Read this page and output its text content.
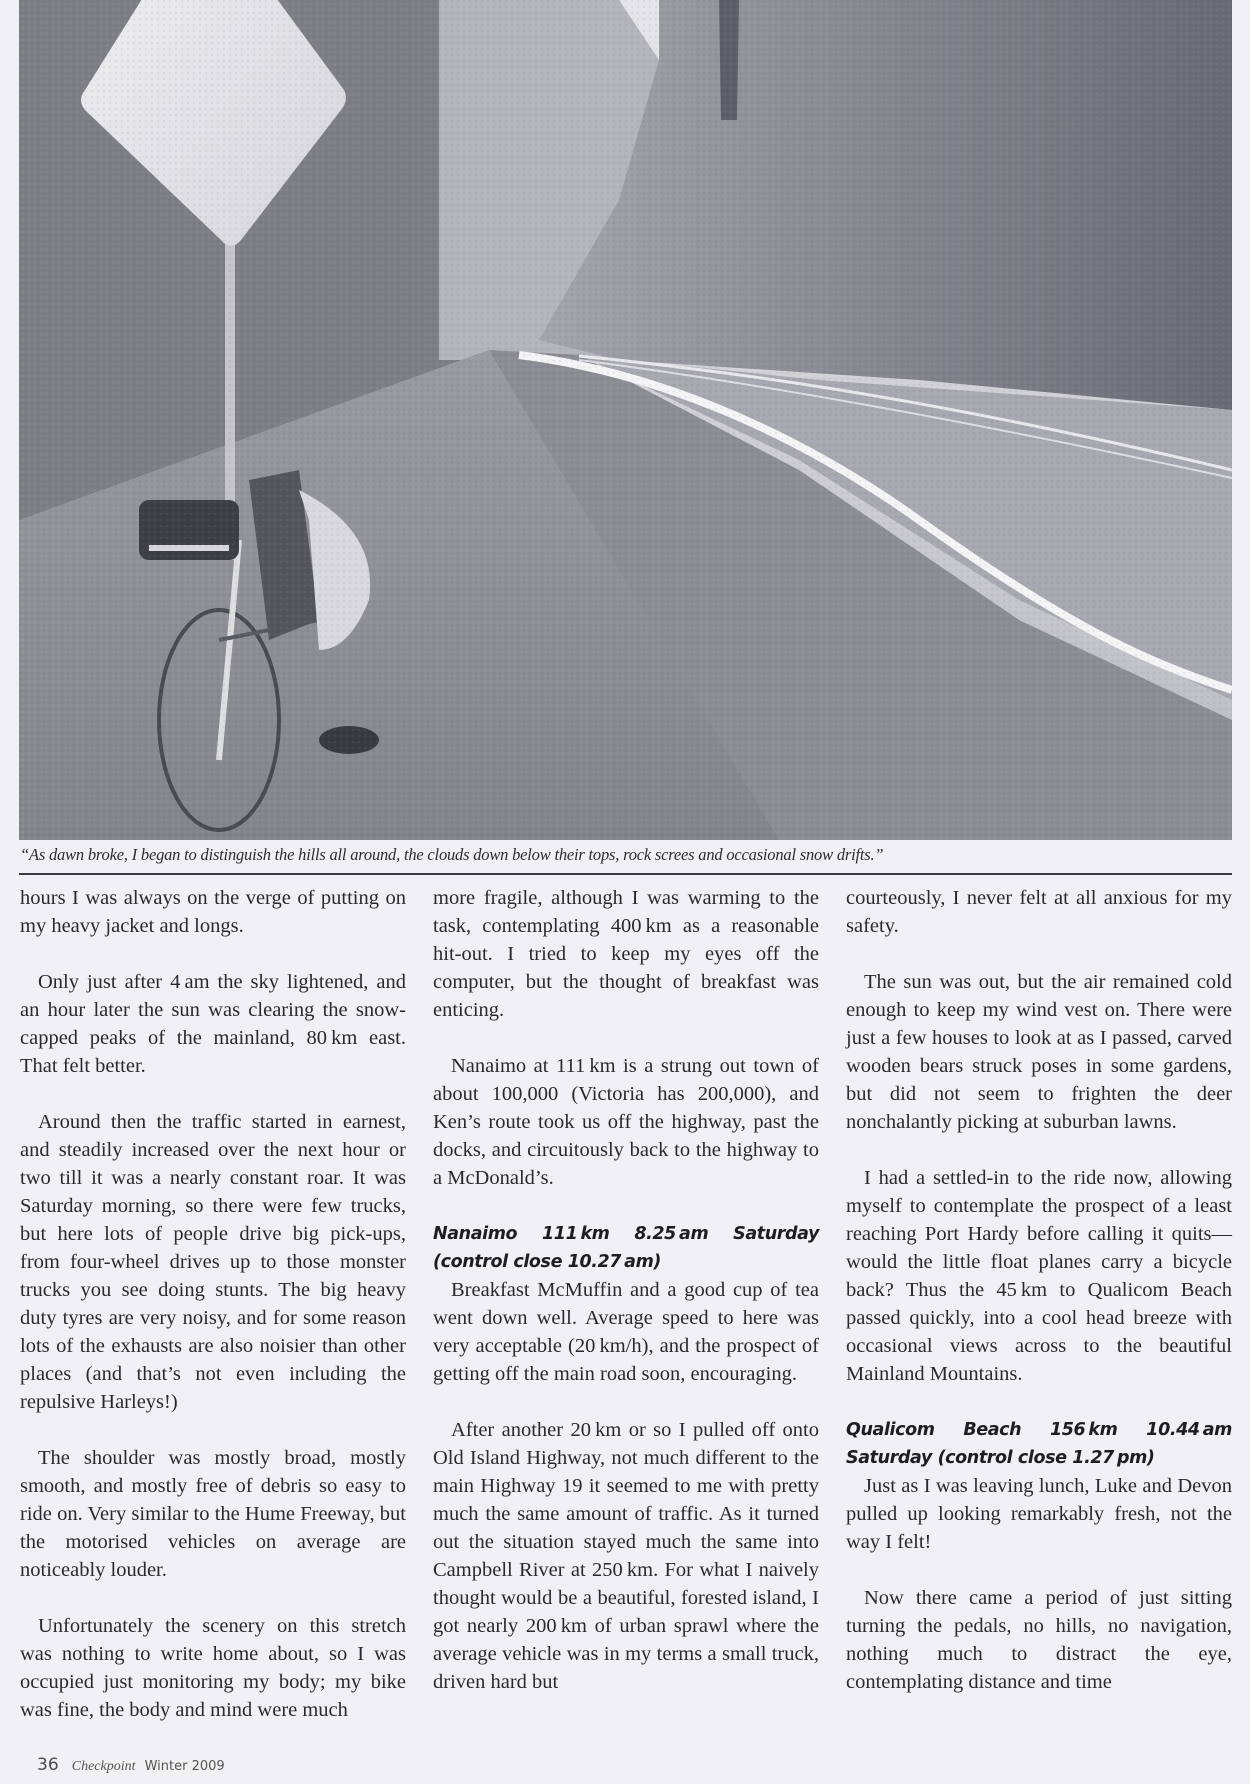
“As dawn broke, I began to distinguish the hills all around, the clouds down below their tops, rock screes and occasional snow drifts.”

hours I was always on the verge of putting on my heavy jacket and longs.

Only just after 4 am the sky lightened, and an hour later the sun was clearing the snow-capped peaks of the mainland, 80 km east. That felt better.

Around then the traffic started in earnest, and steadily increased over the next hour or two till it was a nearly constant roar. It was Saturday morning, so there were few trucks, but here lots of people drive big pick-ups, from four-wheel drives up to those monster trucks you see doing stunts. The big heavy duty tyres are very noisy, and for some reason lots of the exhausts are also noisier than other places (and that’s not even including the repulsive Harleys!)

The shoulder was mostly broad, mostly smooth, and mostly free of debris so easy to ride on. Very similar to the Hume Freeway, but the motorised vehicles on average are noticeably louder.

Unfortunately the scenery on this stretch was nothing to write home about, so I was occupied just monitoring my body; my bike was fine, the body and mind were much

more fragile, although I was warming to the task, contemplating 400 km as a reasonable hit-out. I tried to keep my eyes off the computer, but the thought of breakfast was enticing.

Nanaimo at 111 km is a strung out town of about 100,000 (Victoria has 200,000), and Ken’s route took us off the highway, past the docks, and circuitously back to the highway to a McDonald’s.

Nanaimo 111 km 8.25 am Saturday (control close 10.27 am)

Breakfast McMuffin and a good cup of tea went down well. Average speed to here was very acceptable (20 km/h), and the prospect of getting off the main road soon, encouraging.

After another 20 km or so I pulled off onto Old Island Highway, not much different to the main Highway 19 it seemed to me with pretty much the same amount of traffic. As it turned out the situation stayed much the same into Campbell River at 250 km. For what I naively thought would be a beautiful, forested island, I got nearly 200 km of urban sprawl where the average vehicle was in my terms a small truck, driven hard but

courteously, I never felt at all anxious for my safety.

The sun was out, but the air remained cold enough to keep my wind vest on. There were just a few houses to look at as I passed, carved wooden bears struck poses in some gardens, but did not seem to frighten the deer nonchalantly picking at suburban lawns.

I had a settled-in to the ride now, allowing myself to contemplate the prospect of a least reaching Port Hardy before calling it quits—would the little float planes carry a bicycle back? Thus the 45 km to Qualicom Beach passed quickly, into a cool head breeze with occasional views across to the beautiful Mainland Mountains.

Qualicom Beach 156 km 10.44 am Saturday (control close 1.27 pm)

Just as I was leaving lunch, Luke and Devon pulled up looking remarkably fresh, not the way I felt!

Now there came a period of just sitting turning the pedals, no hills, no navigation, nothing much to distract the eye, contemplating distance and time

36 Checkpoint Winter 2009
